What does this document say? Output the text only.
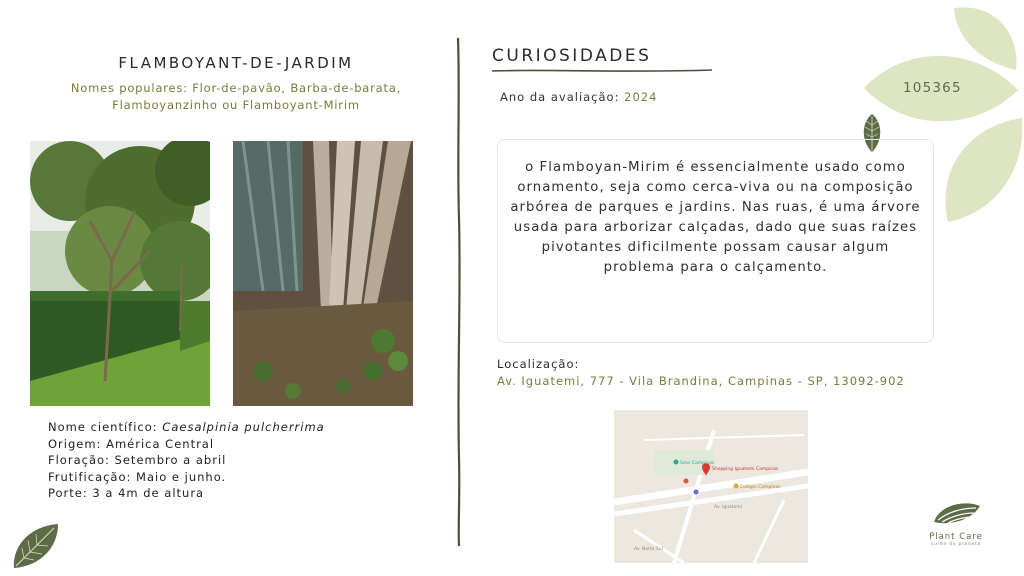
FLAMBOYANT-DE-JARDIM
Nomes populares: Flor-de-pavão, Barba-de-barata,
Flamboyanzinho ou Flamboyant-Mirim
Nome científico: Caesalpinia pulcherrima
Origem: América Central
Floração: Setembro a abril
Frutificação: Maio e junho.
Porte: 3 a 4m de altura
CURIOSIDADES
Ano da avaliação: 2024
105365
o Flamboyan-Mirim é essencialmente usado como ornamento, seja como cerca-viva ou na composição arbórea de parques e jardins. Nas ruas, é uma árvore usada para arborizar calçadas, dado que suas raízes pivotantes dificilmente possam causar algum problema para o calçamento.
Localização:
Av. Iguatemi, 777 - Vila Brandina, Campinas - SP, 13092-902
Sesc Campinas
Shopping Iguatemi Campinas
Colégio Campinas
Av. Iguatemi
Av. Norte Sul
Plant Care
cuide do planeta
